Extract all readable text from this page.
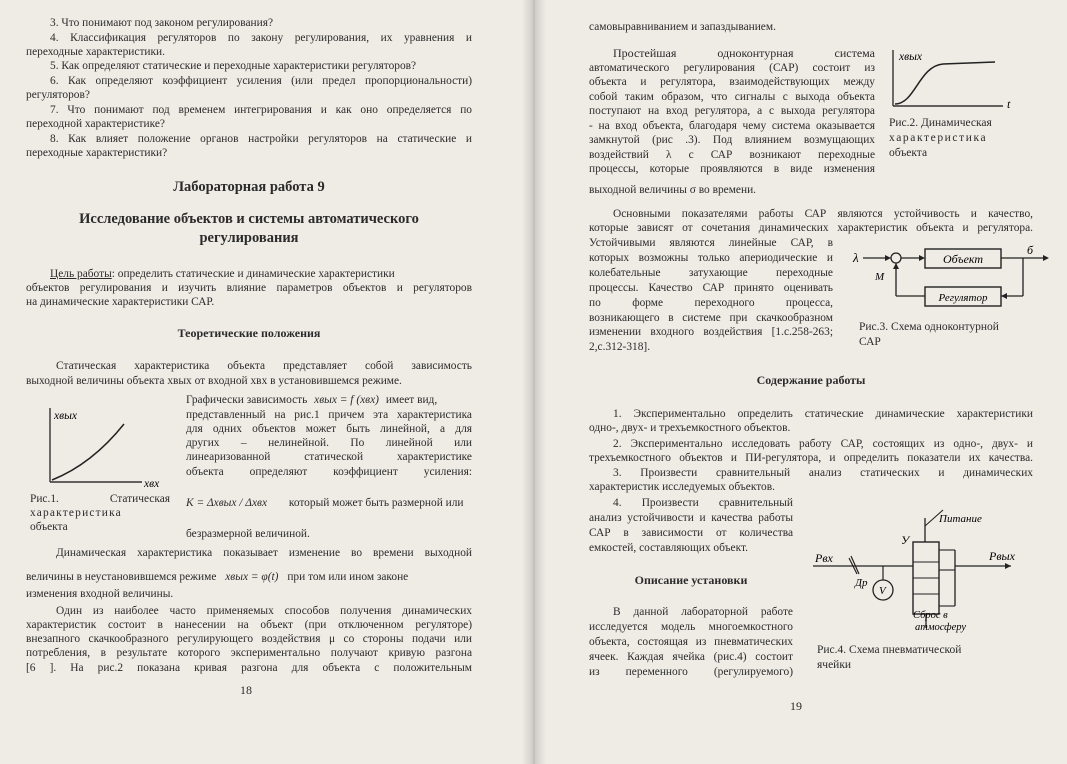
3. Что понимают под законом регулирования?
4. Классификация регуляторов по закону регулирования, их уравнения и
переходные характеристики.
5. Как определяют статические и переходные характеристики регуляторов?
6. Как определяют коэффициент усиления (или предел пропорциональности)
регуляторов?
7. Что понимают под временем интегрирования и как оно определяется по
переходной характеристике?
8. Как влияет положение органов настройки регуляторов на статические и
переходные характеристики?
Лабораторная работа 9
Исследование объектов и системы автоматического
регулирования
Цель работы: определить статические и динамические характеристики
объектов регулирования и изучить влияние параметров объектов и регуляторов
на динамические характеристики САР.
Теоретические положения
Статическая характеристика объекта представляет собой зависимость
выходной величины объекта xвых от входной xвх в установившемся режиме.
xвых
xвх
Рис.1. Статическая
характеристика
объекта
Графически зависимость xвых = f (xвх) имеет вид,
представленный на рис.1 причем эта характеристика
для одних объектов может быть линейной, а для
других – нелинейной. По линейной или
линеаризованной статической характеристике
объекта определяют коэффициент усиления:
K = Δxвых / Δxвх который может быть размерной или
безразмерной величиной.
Динамическая характеристика показывает изменение во времени выходной
величины в неустановившемся режиме xвых = φ(t) при том или ином законе
изменения входной величины.
Один из наиболее часто применяемых способов получения динамических
характеристик состоит в нанесении на объект (при отключенном регуляторе)
внезапного скачкообразного регулирующего воздействия μ со стороны подачи или
потребления, в результате которого экспериментально получают кривую разгона
[6 ]. На рис.2 показана кривая разгона для объекта с положительным
18
самовыравниванием и запаздыванием.
Простейшая одноконтурная система
автоматического регулирования (САР) состоит из
объекта и регулятора, взаимодействующих между
собой таким образом, что сигналы с выхода объекта
поступают на вход регулятора, а с выхода регулятора
- на вход объекта, благодаря чему система оказывается
замкнутой (рис .3). Под влиянием возмущающих
воздействий λ с САР возникают переходные
процессы, которые проявляются в виде изменения
выходной величины σ во времени.
xвых
t
Рис.2. Динамическая
характеристика
объекта
Основными показателями работы САР являются устойчивость и качество,
которые зависят от сочетания динамических характеристик объекта и регулятора.
Устойчивыми являются линейные САР, в
которых возможны только апериодические и
колебательные затухающие переходные
процессы. Качество САР принято оценивать
по форме переходного процесса,
возникающего в системе при скачкообразном
изменении входного воздействия [1.с.258-263;
2,с.312-318].
λ	Объект
б
Регулятор
М
Рис.3. Схема одноконтурной
САР
Содержание работы
1. Экспериментально определить статические динамические характеристики
одно-, двух- и трехъемкостного объектов.
2. Экспериментально исследовать работу САР, состоящих из одно-, двух- и
трехъемкостного объектов и ПИ-регулятора, и определить показатели их качества.
3. Произвести сравнительный анализ статических и динамических
характеристик исследуемых объектов.
4. Произвести сравнительный
анализ устойчивости и качества работы
САР в зависимости от количества
емкостей, составляющих объект.
Описание установки
В данной лабораторной работе
исследуется модель многоемкостного
объекта, состоящая из пневматических
ячеек. Каждая ячейка (рис.4) состоит
из переменного (регулируемого)
Питание
У
Pвх
Др
Pвых
V
Сброс в
атмосферу
Рис.4. Схема пневматической
ячейки
19
